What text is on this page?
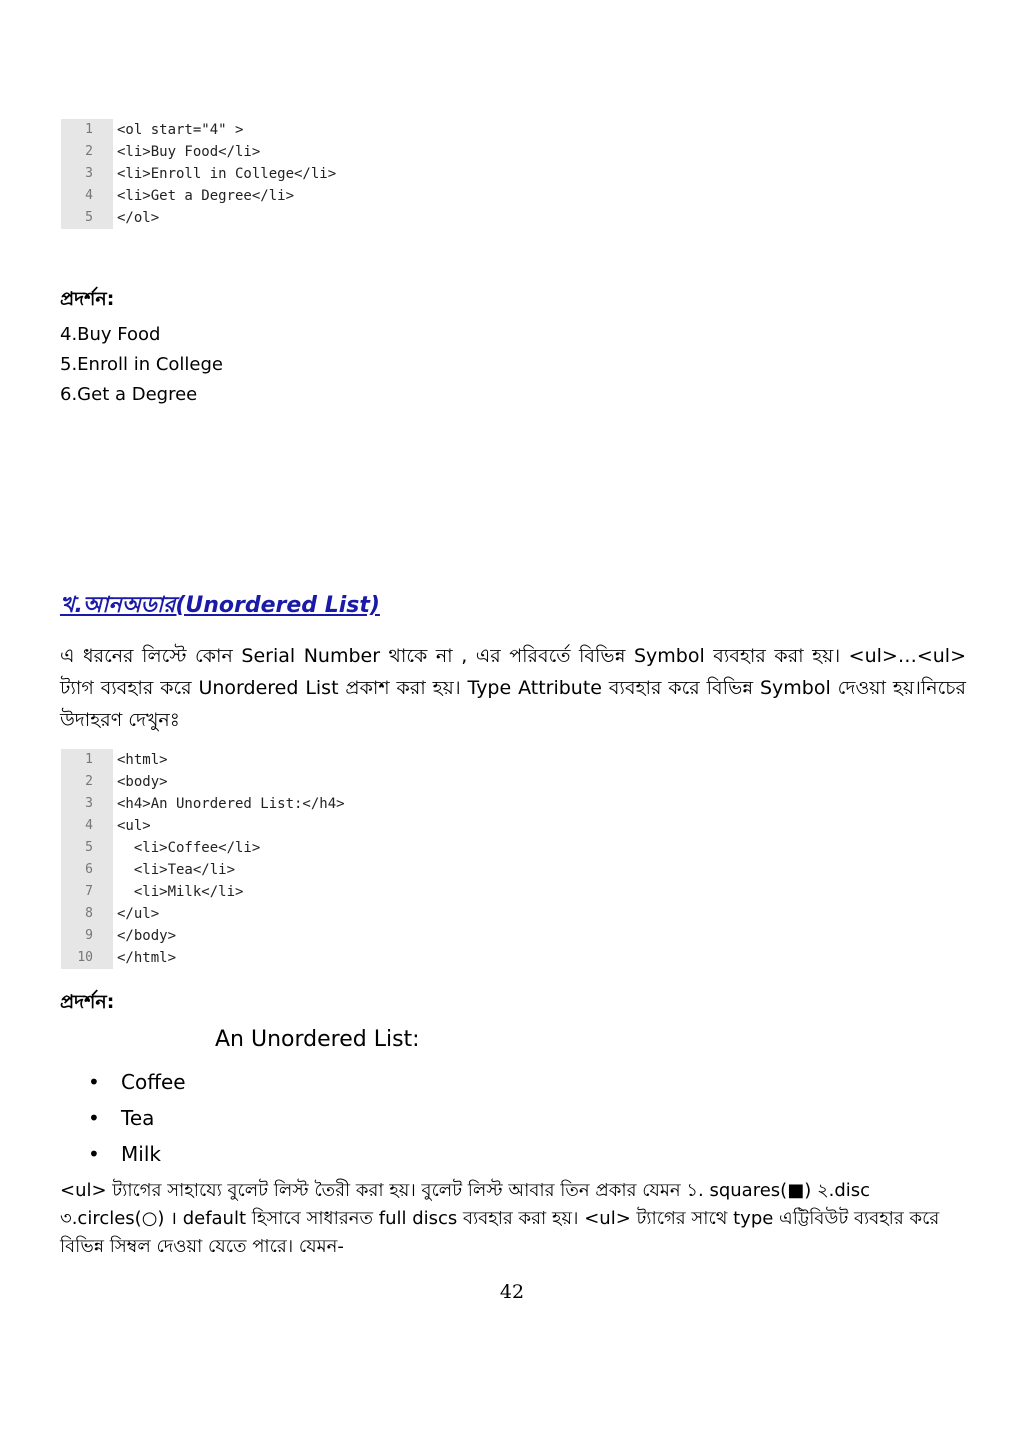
1	<ol start="4" >
2	<li>Buy Food</li>
3	<li>Enroll in College</li>
4	<li>Get a Degree</li>
5	</ol>
প্রদর্শন:
4.Buy Food
5.Enroll in College
6.Get a Degree
খ.আনঅডার(Unordered List)
এ ধরনের লিস্টে কোন Serial Number থাকে না , এর পরিবর্তে বিভিন্ন Symbol ব্যবহার করা হয়। <ul>…<ul> ট্যাগ ব্যবহার করে Unordered List প্রকাশ করা হয়। Type Attribute ব্যবহার করে বিভিন্ন Symbol দেওয়া হয়।নিচের উদাহরণ দেখুনঃ
1	<html>
2	<body>
3	<h4>An Unordered List:</h4>
4	<ul>
5	<li>Coffee</li>
6	<li>Tea</li>
7	<li>Milk</li>
8	</ul>
9	</body>
10	</html>
প্রদর্শন:
An Unordered List:
•	Coffee
•	Tea
•	Milk
<ul> ট্যাগের সাহায্যে বুলেট লিস্ট তৈরী করা হয়। বুলেট লিস্ট আবার তিন প্রকার যেমন ১. squares(■) ২.disc ৩.circles(○) । default হিসাবে সাধারনত full discs ব্যবহার করা হয়। <ul> ট্যাগের সাথে type এট্টিবিউট ব্যবহার করে বিভিন্ন সিম্বল দেওয়া যেতে পারে। যেমন-
42
